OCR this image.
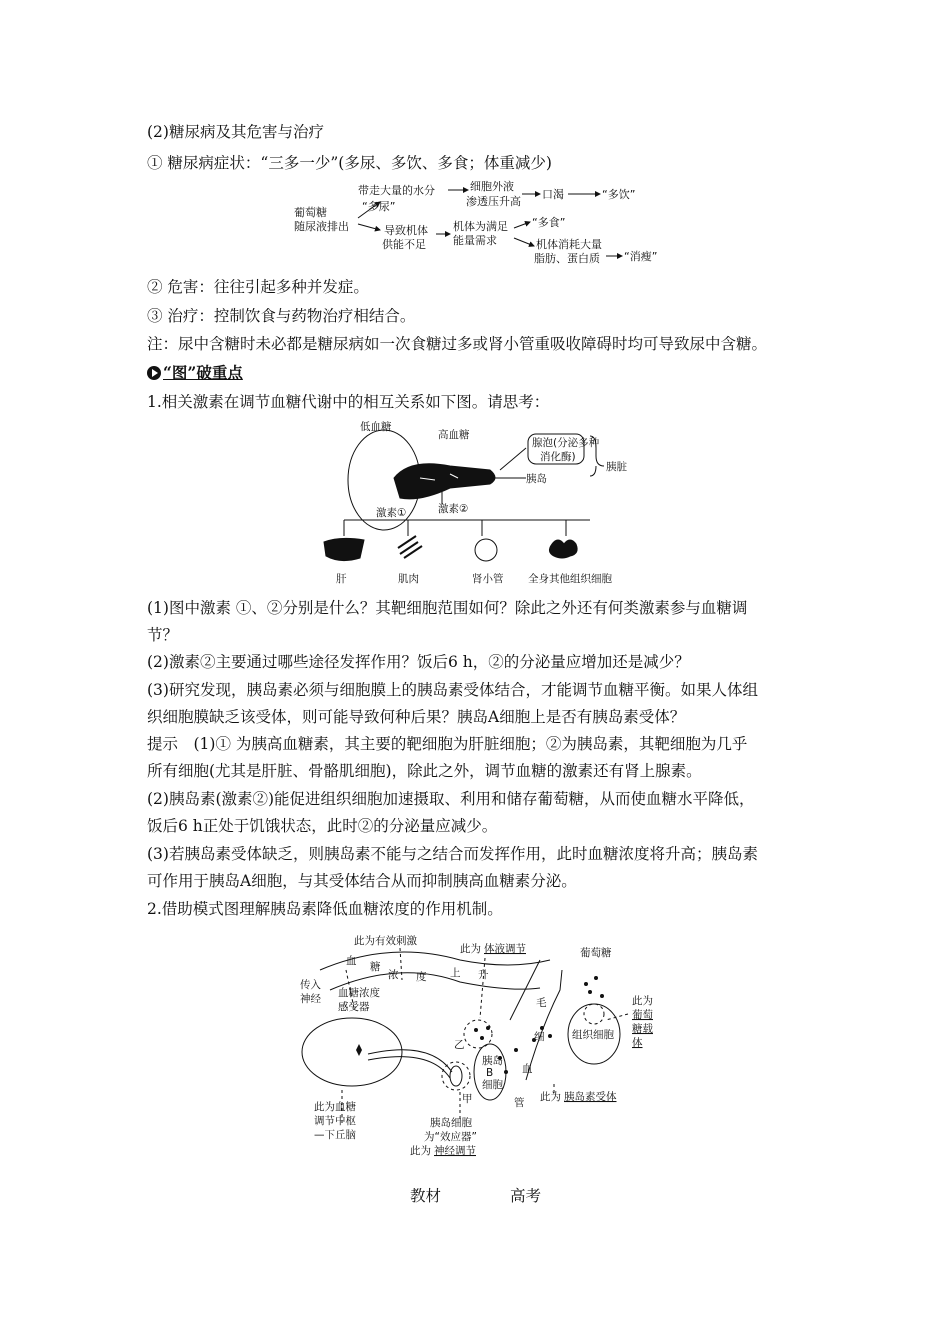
(2)糖尿病及其危害与治疗
① 糖尿病症状：“三多一少”(多尿、多饮、多食；体重减少)
葡萄糖
随尿液排出
带走大量的水分
“多尿”
细胞外液
渗透压升高
口渴	“多饮”
导致机体
供能不足
机体为满足
能量需求
“多食”
机体消耗大量
脂肪、蛋白质 “消瘦”
② 危害：往往引起多种并发症。
③ 治疗：控制饮食与药物治疗相结合。
注：尿中含糖时未必都是糖尿病如一次食糖过多或肾小管重吸收障碍时均可导致尿中含糖。
“图”破重点
1.相关激素在调节血糖代谢中的相互关系如下图。请思考：
低血糖
高血糖
腺泡(分泌多种
消化酶)
胰岛
胰脏
激素①	激素②
肝	肌肉	肾小管 全身其他组织细胞
(1)图中激素 ①、②分别是什么？其靶细胞范围如何？除此之外还有何类激素参与血糖调
节？
(2)激素②主要通过哪些途径发挥作用？饭后6 h，②的分泌量应增加还是减少？
(3)研究发现，胰岛素必须与细胞膜上的胰岛素受体结合，才能调节血糖平衡。如果人体组
织细胞膜缺乏该受体，则可能导致何种后果？胰岛A细胞上是否有胰岛素受体？
提示　(1)① 为胰高血糖素，其主要的靶细胞为肝脏细胞；②为胰岛素，其靶细胞为几乎
所有细胞(尤其是肝脏、骨骼肌细胞)，除此之外，调节血糖的激素还有肾上腺素。
(2)胰岛素(激素②)能促进组织细胞加速摄取、利用和储存葡萄糖，从而使血糖水平降低，
饭后6 h正处于饥饿状态，此时②的分泌量应减少。
(3)若胰岛素受体缺乏，则胰岛素不能与之结合而发挥作用，此时血糖浓度将升高；胰岛素
可作用于胰岛A细胞，与其受体结合从而抑制胰高血糖素分泌。
2.借助模式图理解胰岛素降低血糖浓度的作用机制。
此为有效刺激
此为 体液调节	葡萄糖
血 糖
浓 度 上 升
传入
神经 血糖浓度
感受器
乙
胰岛
B
细胞
甲
毛
细
血
管
组织细胞
此为
葡萄
糖载
体
此为血糖
调节中枢
—下丘脑
此为 胰岛素受体
胰岛细胞
为“效应器”
此为 神经调节
教材	高考
